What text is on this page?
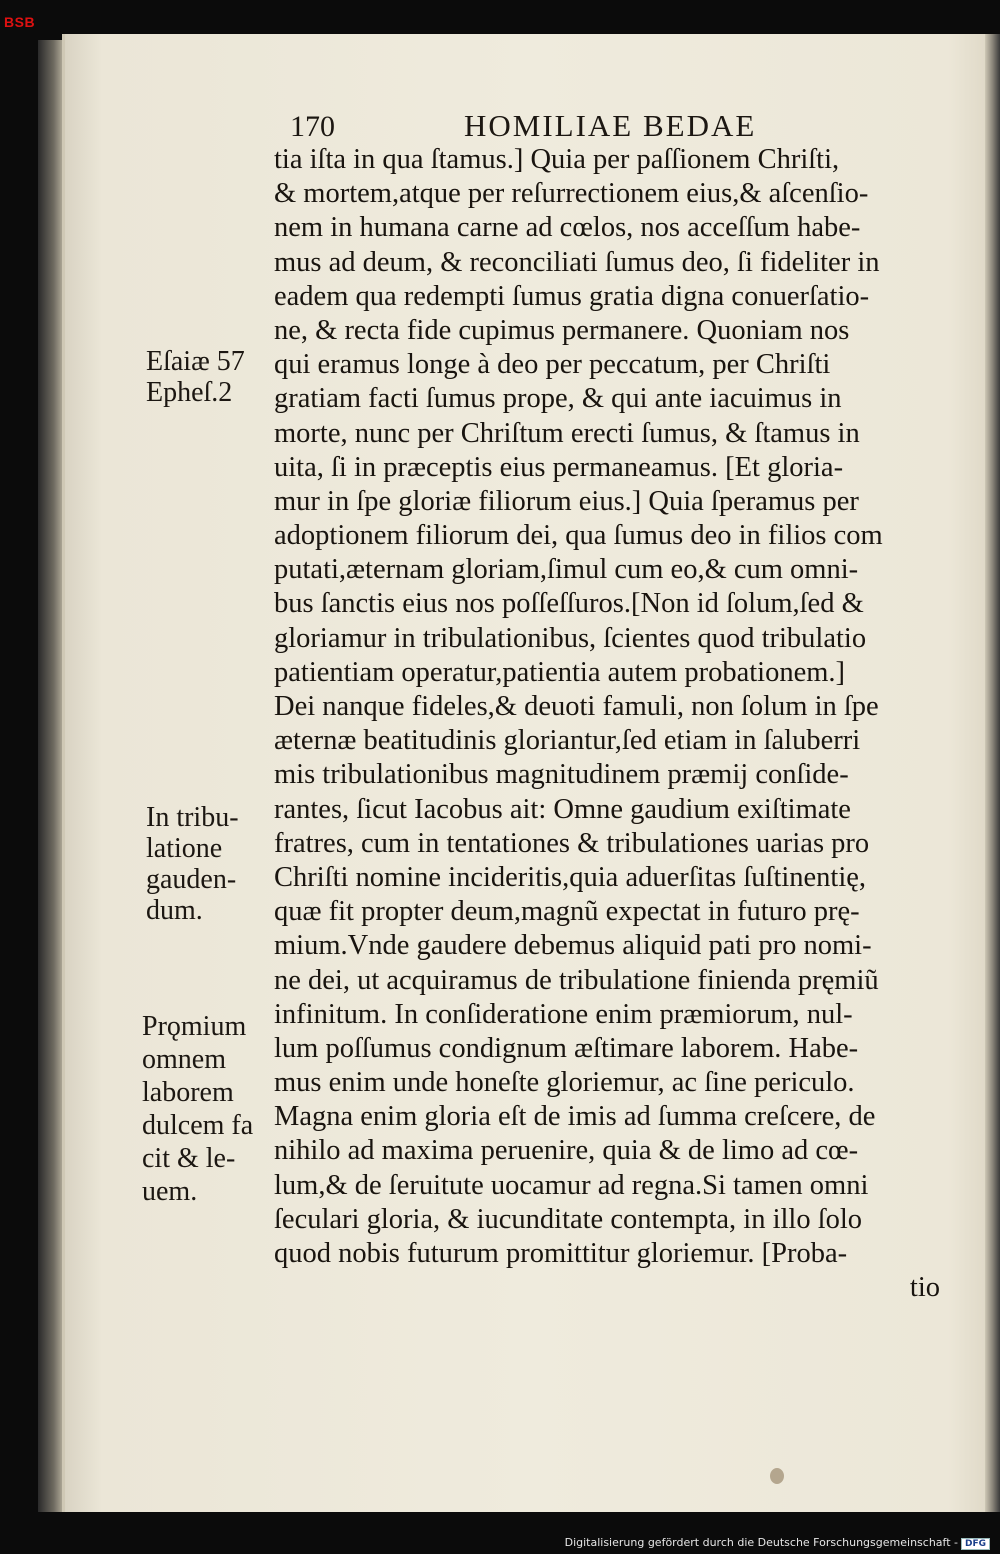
BSB
170	HOMILIAE BEDAE
tia iſta in qua ſtamus.] Quia per paſſionem Chriſti,
& mortem,atque per reſurrectionem eius,& aſcenſio-
nem in humana carne ad cœlos, nos acceſſum habe-
mus ad deum, & reconciliati ſumus deo, ſi fideliter in
eadem qua redempti ſumus gratia digna conuerſatio-
ne, & recta fide cupimus permanere. Quoniam nos
qui eramus longe à deo per peccatum, per Chriſti
gratiam facti ſumus prope, & qui ante iacuimus in
morte, nunc per Chriſtum erecti ſumus, & ſtamus in
uita, ſi in præceptis eius permaneamus. [Et gloria-
mur in ſpe gloriæ filiorum eius.] Quia ſperamus per
adoptionem filiorum dei, qua ſumus deo in filios com
putati,æternam gloriam,ſimul cum eo,& cum omni-
bus ſanctis eius nos poſſeſſuros.[Non id ſolum,ſed &
gloriamur in tribulationibus, ſcientes quod tribulatio
patientiam operatur,patientia autem probationem.]
Dei nanque fideles,& deuoti famuli, non ſolum in ſpe
æternæ beatitudinis gloriantur,ſed etiam in ſaluberri
mis tribulationibus magnitudinem præmij conſide-
rantes, ſicut Iacobus ait: Omne gaudium exiſtimate
fratres, cum in tentationes & tribulationes uarias pro
Chriſti nomine incideritis,quia aduerſitas ſuſtinentię,
quæ fit propter deum,magnũ expectat in futuro prę-
mium.Vnde gaudere debemus aliquid pati pro nomi-
ne dei, ut acquiramus de tribulatione finienda pręmiũ
infinitum. In conſideratione enim præmiorum, nul-
lum poſſumus condignum æſtimare laborem. Habe-
mus enim unde honeſte gloriemur, ac ſine periculo.
Magna enim gloria eſt de imis ad ſumma creſcere, de
nihilo ad maxima peruenire, quia & de limo ad cœ-
lum,& de ſeruitute uocamur ad regna.Si tamen omni
ſeculari gloria, & iucunditate contempta, in illo ſolo
quod nobis futurum promittitur gloriemur. [Proba-
tio
Eſaiæ 57
Epheſ.2
In tribu-
latione
gauden-
dum.
Prǫmium
omnem
laborem
dulcem fa
cit & le-
uem.
Digitalisierung gefördert durch die Deutsche Forschungsgemeinschaft - DFG
